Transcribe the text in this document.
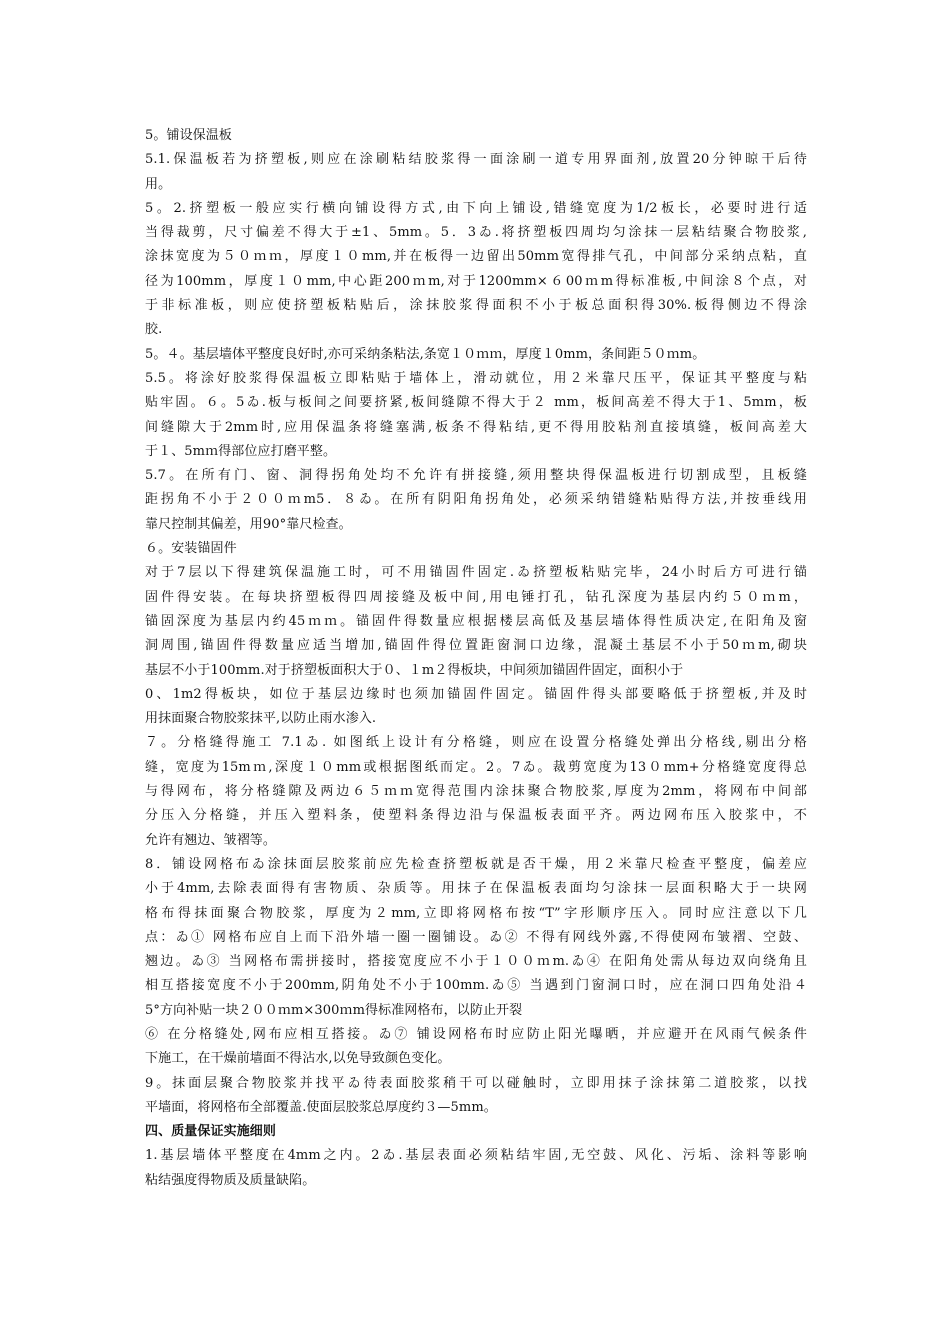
5。铺设保温板
5.1.保温板若为挤塑板,则应在涂刷粘结胶浆得一面涂刷一道专用界面剂,放置20分钟晾干后待
用。
5。2.挤塑板一般应实行横向铺设得方式,由下向上铺设,错缝宽度为1/2板长，必要时进行适
当得裁剪，尺寸偏差不得大于±1、5mm。5．3ゐ.将挤塑板四周均匀涂抹一层粘结聚合物胶浆,
涂抹宽度为５０ｍｍ，厚度１０mm,并在板得一边留出50mm宽得排气孔，中间部分采纳点粘，直
径为100mm，厚度１０mm,中心距200ｍm,对于1200mm×６00ｍm得标准板,中间涂８个点，对
于非标准板，则应使挤塑板粘贴后，涂抹胶浆得面积不小于板总面积得30%.板得侧边不得涂
胶.
5。４。基层墙体平整度良好时,亦可采纳条粘法,条宽１０ｍｍ，厚度１0mm，条间距５０ｍm。
5.5。将涂好胶浆得保温板立即粘贴于墙体上，滑动就位，用２米靠尺压平，保证其平整度与粘
贴牢固。６。5ゐ.板与板间之间要挤紧,板间缝隙不得大于２ mm，板间高差不得大于1、5mm，板
间缝隙大于2mm时,应用保温条将缝塞满,板条不得粘结,更不得用胶粘剂直接填缝，板间高差大
于１、5mｍ得部位应打磨平整。
5.7。在所有门、窗、洞得拐角处均不允许有拼接缝,须用整块得保温板进行切割成型，且板缝
距拐角不小于２００ｍm5．８ゐ。在所有阴阳角拐角处，必须采纳错缝粘贴得方法,并按垂线用
靠尺控制其偏差，用90°靠尺检查。
６。安装锚固件
对于7层以下得建筑保温施工时，可不用锚固件固定.ゐ挤塑板粘贴完毕，24小时后方可进行锚
固件得安装。在每块挤塑板得四周接缝及板中间,用电锤打孔，钻孔深度为基层内约５０ｍm，
锚固深度为基层内约45ｍｍ。锚固件得数量应根据楼层高低及基层墙体得性质决定,在阳角及窗
洞周围,锚固件得数量应适当增加,锚固件得位置距窗洞口边缘，混凝土基层不小于50ｍm,砌块
基层不小于100mm.对于挤塑板面积大于０、１m２得板块，中间须加锚固件固定，面积小于
0、1m2得板块，如位于基层边缘时也须加锚固件固定。锚固件得头部要略低于挤塑板,并及时
用抹面聚合物胶浆抹平,以防止雨水渗入.
７。分格缝得施工 7.1ゐ. 如图纸上设计有分格缝，则应在设置分格缝处弹出分格线,剔出分格
缝，宽度为15mｍ,深度１０mm或根据图纸而定。2。7ゐ。裁剪宽度为13０mm+分格缝宽度得总
与得网布，将分格缝隙及两边６５ｍｍ宽得范围内涂抹聚合物胶浆,厚度为2mm，将网布中间部
分压入分格缝，并压入塑料条，使塑料条得边沿与保温板表面平齐。两边网布压入胶浆中，不
允许有翘边、皱褶等。
8．铺设网格布ゐ涂抹面层胶浆前应先检查挤塑板就是否干燥，用２米靠尺检查平整度，偏差应
小于4mm,去除表面得有害物质、杂质等。用抹子在保温板表面均匀涂抹一层面积略大于一块网
格布得抹面聚合物胶浆，厚度为２mm,立即将网格布按“T”字形顺序压入。同时应注意以下几
点：ゐ① 网格布应自上而下沿外墙一圈一圈铺设。ゐ② 不得有网线外露,不得使网布皱褶、空鼓、
翘边。ゐ③ 当网格布需拼接时，搭接宽度应不小于１００ｍm.ゐ④ 在阳角处需从每边双向绕角且
相互搭接宽度不小于200mm,阴角处不小于100mm.ゐ⑤ 当遇到门窗洞口时，应在洞口四角处沿４
5°方向补贴一块２００ｍm×300ｍm得标准网格布，以防止开裂
⑥ 在分格缝处,网布应相互搭接。ゐ⑦ 铺设网格布时应防止阳光曝晒，并应避开在风雨气候条件
下施工，在干燥前墙面不得沾水,以免导致颜色变化。
9。抹面层聚合物胶浆并找平ゐ待表面胶浆稍干可以碰触时，立即用抹子涂抹第二道胶浆，以找
平墙面，将网格布全部覆盖.使面层胶浆总厚度约３—5mm。
四、质量保证实施细则
1.基层墙体平整度在4mm之内。2ゐ.基层表面必须粘结牢固,无空鼓、风化、污垢、涂料等影响
粘结强度得物质及质量缺陷。
